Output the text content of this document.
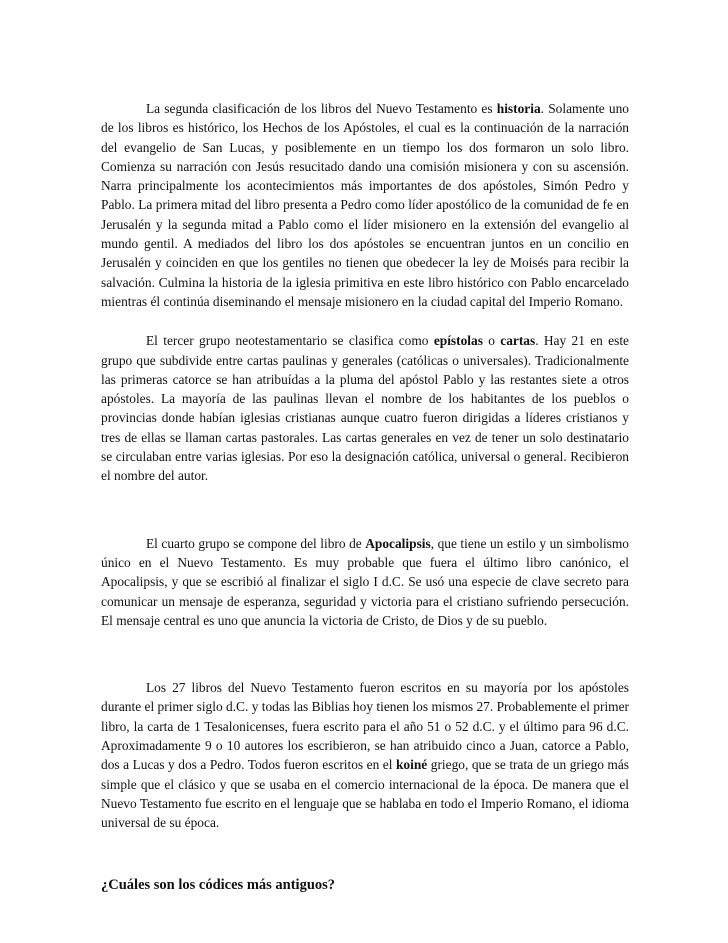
La segunda clasificación de los libros del Nuevo Testamento es historia. Solamente uno de los libros es histórico, los Hechos de los Apóstoles, el cual es la continuación de la narración del evangelio de San Lucas, y posiblemente en un tiempo los dos formaron un solo libro. Comienza su narración con Jesús resucitado dando una comisión misionera y con su ascensión. Narra principalmente los acontecimientos más importantes de dos apóstoles, Simón Pedro y Pablo. La primera mitad del libro presenta a Pedro como líder apostólico de la comunidad de fe en Jerusalén y la segunda mitad a Pablo como el líder misionero en la extensión del evangelio al mundo gentil. A mediados del libro los dos apóstoles se encuentran juntos en un concilio en Jerusalén y coinciden en que los gentiles no tienen que obedecer la ley de Moisés para recibir la salvación. Culmina la historia de la iglesia primitiva en este libro histórico con Pablo encarcelado mientras él continúa diseminando el mensaje misionero en la ciudad capital del Imperio Romano.

El tercer grupo neotestamentario se clasifica como epístolas o cartas. Hay 21 en este grupo que subdivide entre cartas paulinas y generales (católicas o universales). Tradicionalmente las primeras catorce se han atribuídas a la pluma del apóstol Pablo y las restantes siete a otros apóstoles. La mayoría de las paulinas llevan el nombre de los habitantes de los pueblos o provincias donde habían iglesias cristianas aunque cuatro fueron dirigidas a líderes cristianos y tres de ellas se llaman cartas pastorales. Las cartas generales en vez de tener un solo destinatario se circulaban entre varias iglesias. Por eso la designación católica, universal o general. Recibieron el nombre del autor.

El cuarto grupo se compone del libro de Apocalipsis, que tiene un estilo y un simbolismo único en el Nuevo Testamento. Es muy probable que fuera el último libro canónico, el Apocalipsis, y que se escribió al finalizar el siglo I d.C. Se usó una especie de clave secreto para comunicar un mensaje de esperanza, seguridad y victoria para el cristiano sufriendo persecución. El mensaje central es uno que anuncia la victoria de Cristo, de Dios y de su pueblo.

Los 27 libros del Nuevo Testamento fueron escritos en su mayoría por los apóstoles durante el primer siglo d.C. y todas las Biblias hoy tienen los mismos 27. Probablemente el primer libro, la carta de 1 Tesalonicenses, fuera escrito para el año 51 o 52 d.C. y el último para 96 d.C. Aproximadamente 9 o 10 autores los escribieron, se han atribuido cinco a Juan, catorce a Pablo, dos a Lucas y dos a Pedro. Todos fueron escritos en el koiné griego, que se trata de un griego más simple que el clásico y que se usaba en el comercio internacional de la época. De manera que el Nuevo Testamento fue escrito en el lenguaje que se hablaba en todo el Imperio Romano, el idioma universal de su época.

¿Cuáles son los códices más antiguos?
